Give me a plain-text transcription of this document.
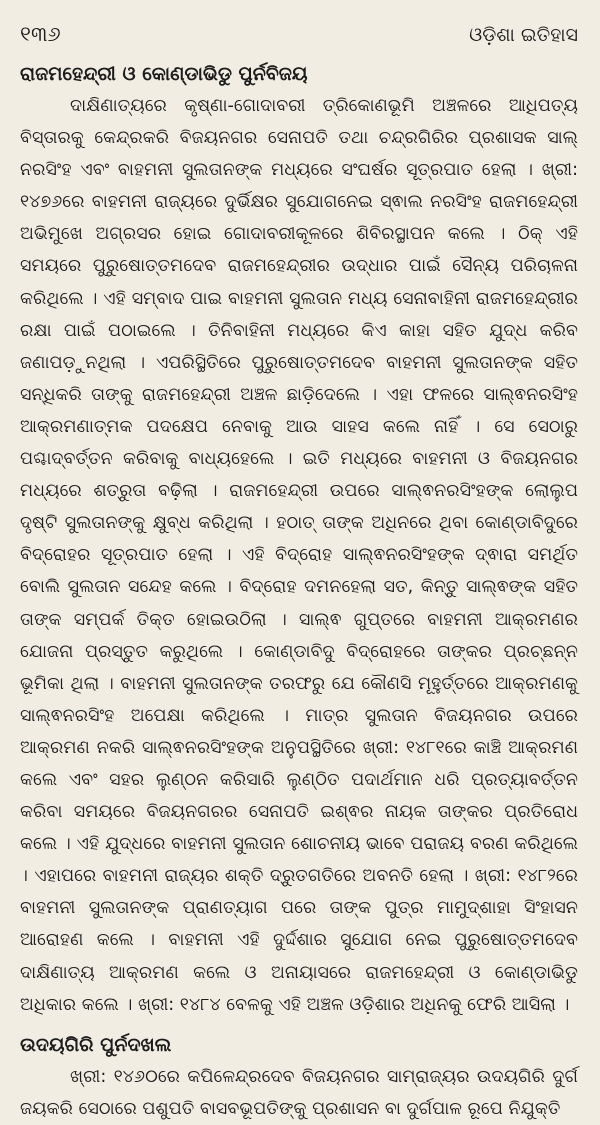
୧୩୬	ଓଡ଼ିଶା ଇତିହାସ
ରାଜମହେନ୍ଦ୍ରୀ ଓ କୋଣ୍ଡାଭିଡୁ ପୁର୍ନବିଜୟ

ଦାକ୍ଷିଣାତ୍ୟରେ କୃଷ୍ଣା-ଗୋଦାବରୀ ତ୍ରିକୋଣଭୂମି ଅଞ୍ଚଳରେ ଆଧିପତ୍ୟ ବିସ୍ତାରକୁ କେନ୍ଦ୍ରକରି ବିଜୟନଗର ସେନାପତି ତଥା ଚନ୍ଦ୍ରଗିରିର ପ୍ରଶାସକ ସାଲ୍ ନରସିଂହ ଏବଂ ବାହମନୀ ସୁଲତାନଙ୍କ ମଧ୍ୟରେ ସଂଘର୍ଷର ସୂତ୍ରପାତ ହେଲା । ଖ୍ରୀ: ୧୪୭୬ରେ ବାହମନୀ ରାଜ୍ୟରେ ଦୁର୍ଭିକ୍ଷର ସୁଯୋଗନେଇ ସ୍ଵାଲ ନରସିଂହ ରାଜମହେନ୍ଦ୍ରୀ ଅଭିମୁଖେ ଅଗ୍ରସର ହୋଇ ଗୋଦାବରୀକୂଳରେ ଶିବିରସ୍ଥାପନ କଲେ । ଠିକ୍ ଏହି ସମୟରେ ପୁରୁଷୋତ୍ତମଦେବ ରାଜମହେନ୍ଦ୍ରୀର ଉଦ୍ଧାର ପାଇଁ ସୈନ୍ୟ ପରିଚାଳନା କରିଥିଲେ । ଏହି ସମ୍ବାଦ ପାଇ ବାହମନୀ ସୁଲତାନ ମଧ୍ୟ ସେନାବାହିନୀ ରାଜମହେନ୍ଦ୍ରୀର ରକ୍ଷା ପାଇଁ ପଠାଇଲେ । ତିନିବାହିନୀ ମଧ୍ୟରେ କିଏ କାହା ସହିତ ଯୁଦ୍ଧ କରିବ ଜଣାପଡ଼ୁନଥିଲା । ଏପରିସ୍ଥିତିରେ ପୁରୁଷୋତ୍ତମଦେବ ବାହମନୀ ସୁଲତାନଙ୍କ ସହିତ ସନ୍ଧିକରି ତାଙ୍କୁ ରାଜମହେନ୍ଦ୍ରୀ ଅଞ୍ଚଳ ଛାଡ଼ିଦେଲେ । ଏହା ଫଳରେ ସାଲ୍ଵନରସିଂହ ଆକ୍ରମଣାତ୍ମକ ପଦକ୍ଷେପ ନେବାକୁ ଆଉ ସାହସ କଲେ ନାହିଁ । ସେ ସେଠାରୁ ପଶ୍ଚାଦ୍‌ବର୍ତ୍ତନ କରିବାକୁ ବାଧ୍ୟହେଲେ । ଇତି ମଧ୍ୟରେ ବାହମନୀ ଓ ବିଜୟନଗର ମଧ୍ୟରେ ଶତ୍ରୁତା ବଢ଼ିଲା । ରାଜମହେନ୍ଦ୍ରୀ ଉପରେ ସାଲ୍ଵନରସିଂହଙ୍କ ଲୋଲୁପ ଦୃଷ୍ଟି ସୁଲତାନଙ୍କୁ କ୍ଷୁବ୍ଧ କରିଥିଲା । ହଠାତ୍ ତାଙ୍କ ଅଧିନରେ ଥିବା କୋଣ୍ଡାବିଦୁରେ ବିଦ୍ରୋହର ସୂତ୍ରପାତ ହେଲା । ଏହି ବିଦ୍ରୋହ ସାଲ୍ଵନରସିଂହଙ୍କ ଦ୍ଵାରା ସମର୍ଥିତ ବୋଲି ସୁଲତାନ ସନ୍ଦେହ କଲେ । ବିଦ୍ରୋହ ଦମନହେଲା ସତ, କିନ୍ତୁ ସାଲ୍ଵଙ୍କ ସହିତ ତାଙ୍କ ସମ୍ପର୍କ ତିକ୍ତ ହୋଇଉଠିଲା । ସାଲ୍ଵ ଗୁପ୍ତରେ ବାହମନୀ ଆକ୍ରମଣର ଯୋଜନା ପ୍ରସ୍ତୁତ କରୁଥିଲେ । କୋଣ୍ଡାବିଦୁ ବିଦ୍ରୋହରେ ତାଙ୍କର ପ୍ରଚ୍ଛନ୍ନ ଭୂମିକା ଥିଲା । ବାହମନୀ ସୁଲତାନଙ୍କ ତରଫରୁ ଯେ କୌଣସି ମୂହୁର୍ତ୍ତରେ ଆକ୍ରମଣକୁ ସାଲ୍ଵନରସିଂହ ଅପେକ୍ଷା କରିଥିଲେ । ମାତ୍ର ସୁଲତାନ ବିଜୟନଗର ଉପରେ ଆକ୍ରମଣ ନକରି ସାଲ୍ଵନରସିଂହଙ୍କ ଅନୁପସ୍ଥିତିରେ ଖ୍ରୀ: ୧୪୮୧ରେ କାଞ୍ଚି ଆକ୍ରମଣ କଲେ ଏବଂ ସହର ଲୁଣ୍ଠନ କରିସାରି ଲୁଣ୍ଠିତ ପଦାର୍ଥମାନ ଧରି ପ୍ରତ୍ୟାବର୍ତ୍ତନ କରିବା ସମୟରେ ବିଜୟନଗରର ସେନାପତି ଇଶ୍ଵର ନାୟକ ତାଙ୍କର ପ୍ରତିରୋଧ କଲେ । ଏହି ଯୁଦ୍ଧରେ ବାହମନୀ ସୁଲତାନ ଶୋଚନୀୟ ଭାବେ ପରାଜୟ ବରଣ କରିଥିଲେ । ଏହାପରେ ବାହମନୀ ରାଜ୍ୟର ଶକ୍ତି ଦ୍ରୁତଗତିରେ ଅବନତି ହେଲା । ଖ୍ରୀ: ୧୪୮୨ରେ ବାହମନୀ ସୁଲତାନଙ୍କ ପ୍ରାଣତ୍ୟାଗ ପରେ ତାଙ୍କ ପୁତ୍ର ମାମୁଦ୍‌ଶାହା ସିଂହାସନ ଆରୋହଣ କଲେ । ବାହମନୀ ଏହି ଦୁର୍ଦ୍ଦଶାର ସୁଯୋଗ ନେଇ ପୁରୁଷୋତ୍ତମଦେବ ଦାକ୍ଷିଣାତ୍ୟ ଆକ୍ରମଣ କଲେ ଓ ଅନାୟାସରେ ରାଜମହେନ୍ଦ୍ରୀ ଓ କୋଣ୍ଡାଭିଡୁ ଅଧିକାର କଲେ । ଖ୍ରୀ: ୧୪୮୪ ବେଳକୁ ଏହି ଅଞ୍ଚଳ ଓଡ଼ିଶାର ଅଧିନକୁ ଫେରି ଆସିଲା ।

ଉଦୟଗିରି ପୁର୍ନଦଖଲ

ଖ୍ରୀ: ୧୪୬୦ରେ କପିଳେନ୍ଦ୍ରଦେବ ବିଜୟନଗର ସାମ୍ରାଜ୍ୟର ଉଦୟଗିରି ଦୁର୍ଗ ଜୟକରି ସେଠାରେ ପଶୁପତି ବାସବଭୂପତିଙ୍କୁ ପ୍ରଶାସନ ବା ଦୁର୍ଗପାଳ ରୂପେ ନିଯୁକ୍ତି
